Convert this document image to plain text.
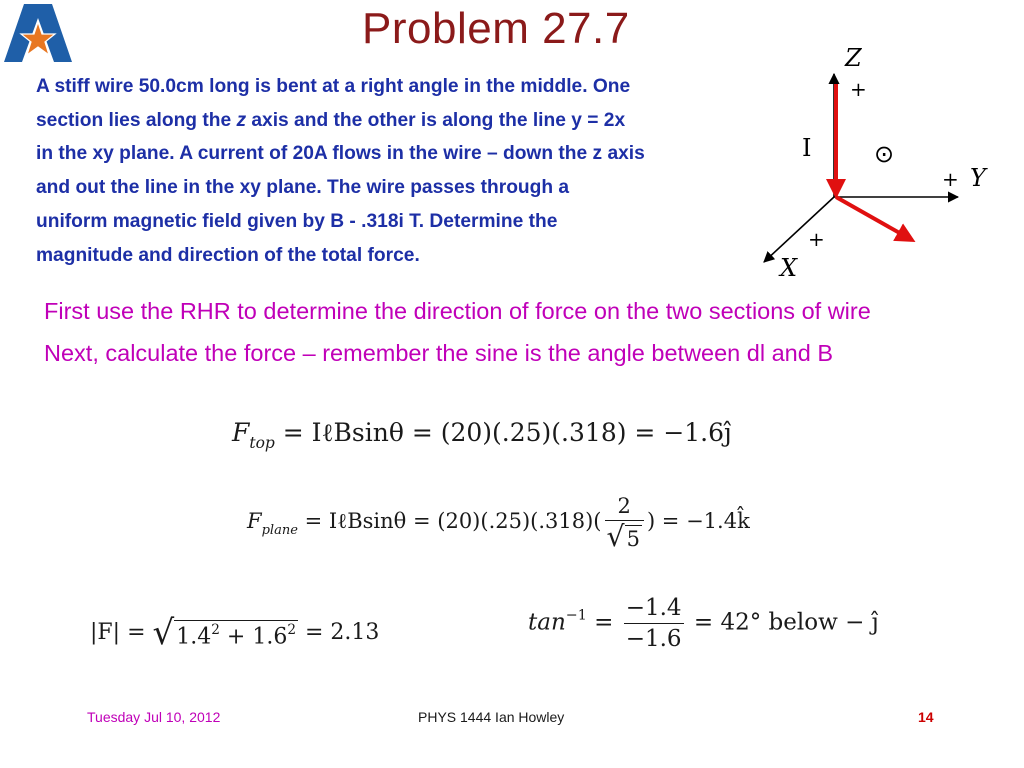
Problem 27.7
A stiff wire 50.0cm long is bent at a right angle in the middle. One
section lies along the z axis and the other is along the line y = 2x
in the xy plane. A current of 20A flows in the wire – down the z axis
and out the line in the xy plane. The wire passes through a
uniform magnetic field given by B - .318i T. Determine the
magnitude and direction of the total force.
Z
+
+ Y
+
X
I	⊙
First use the RHR to determine the direction of force on the two sections of wire
Next, calculate the force – remember the sine is the angle between dl and B
$F_{top}$ = IℓBsinθ = (20)(.25)(.318) = −1.6ĵ
$F_{plane}$ = IℓBsinθ = $(20)(.25)(.318)( \frac{2}{√ 5}$ ) = −1.4k̂
|F| = √ $1.4^2 + 1.6^2 = 2.13$	$\tan^{-1} = \frac{-1.4}{-1.6} = 42^\circ$ below − ĵ
Tuesday Jul 10, 2012	PHYS 1444 Ian Howley	14
